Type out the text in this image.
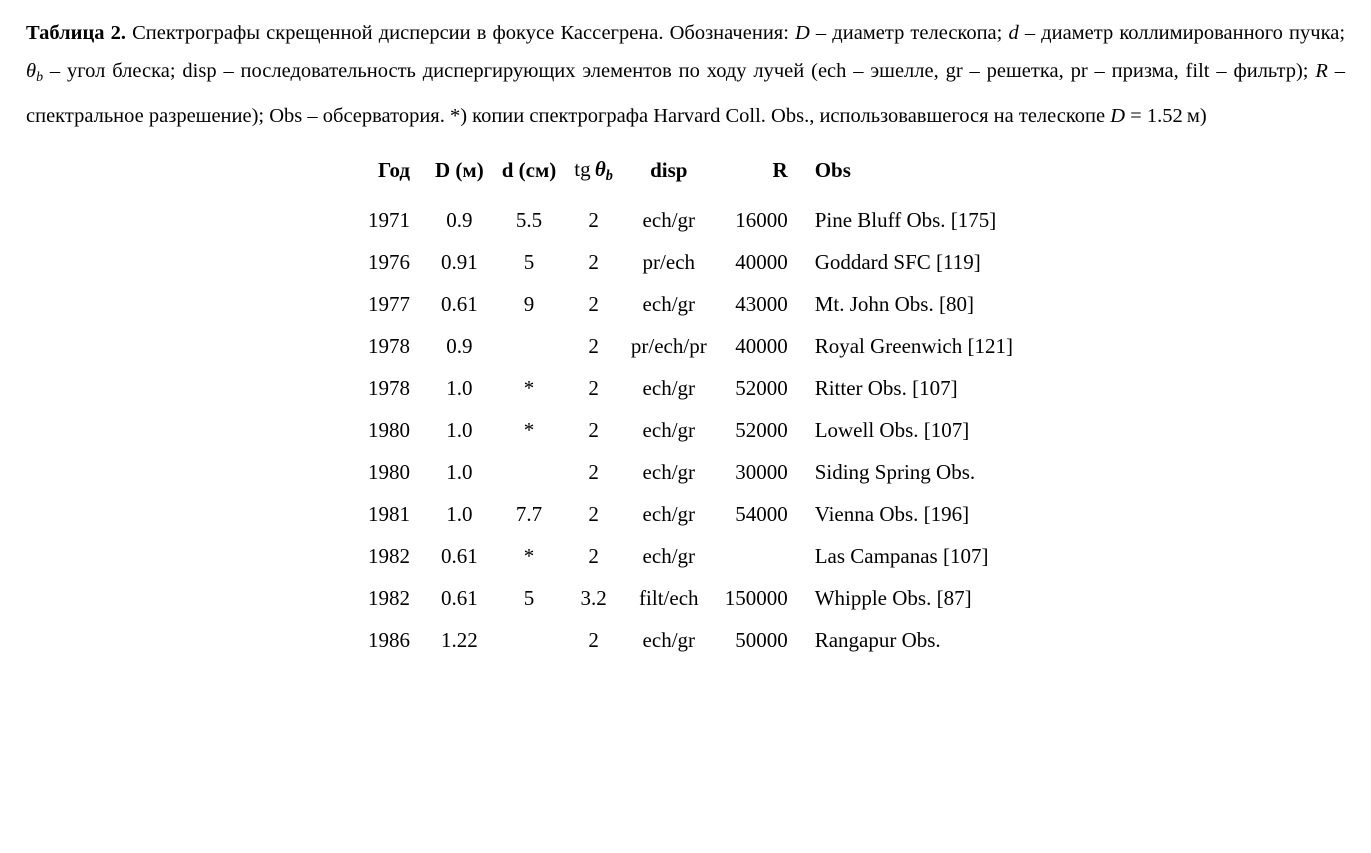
Таблица 2. Спектрографы скрещенной дисперсии в фокусе Кассегрена. Обозначения: D – диаметр телескопа; d – диаметр коллимированного пучка; $\theta_b$ – угол блеска; disp – последовательность диспергирующих элементов по ходу лучей (ech – эшелле, gr – решетка, pr – призма, filt – фильтр); R – спектральное разрешение); Obs – обсерватория. *) копии спектрографа Harvard Coll. Obs., использовавшегося на телескопе D = 1.52  м)

Год	D (м)	d (см)	tg  $\theta_b$	disp	R	Obs
1971	0.9	5.5	2	ech/gr	16000	Pine Bluff Obs. [175]
1976	0.91	5	2	pr/ech	40000	Goddard SFC [119]
1977	0.61	9	2	ech/gr	43000	Mt. John Obs. [80]
1978	0.9		2	pr/ech/pr	40000	Royal Greenwich [121]
1978	1.0	*	2	ech/gr	52000	Ritter Obs. [107]
1980	1.0	*	2	ech/gr	52000	Lowell Obs. [107]
1980	1.0		2	ech/gr	30000	Siding Spring Obs.
1981	1.0	7.7	2	ech/gr	54000	Vienna Obs. [196]
1982	0.61	*	2	ech/gr		Las Campanas [107]
1982	0.61	5	3.2	filt/ech	150000	Whipple Obs. [87]
1986	1.22		2	ech/gr	50000	Rangapur Obs.
